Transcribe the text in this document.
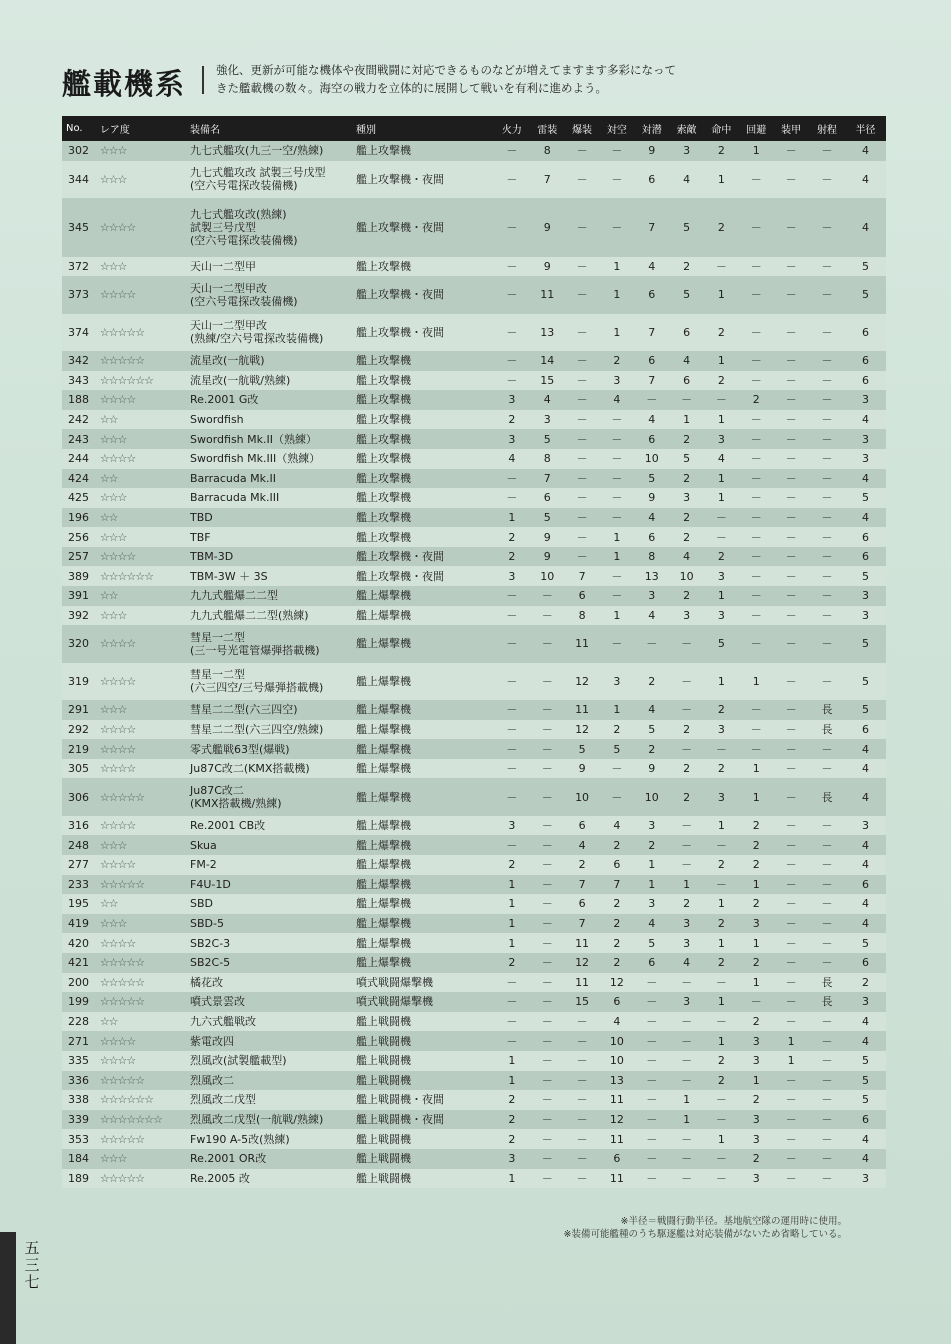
艦載機系	強化、更新が可能な機体や夜間戦闘に対応できるものなどが増えてますます多彩になって
きた艦載機の数々。海空の戦力を立体的に展開して戦いを有利に進めよう。
No.	レア度	装備名	種別	火力	雷装	爆装	対空	対潜	索敵	命中	回避	装甲	射程	半径
302	☆☆☆	九七式艦攻(九三一空/熟練)	艦上攻撃機	－	8	－	－	9	3	2	1	－	－	4
344	☆☆☆	九七式艦攻改 試製三号戊型
(空六号電探改装備機)	艦上攻撃機・夜間	－	7	－	－	6	4	1	－	－	－	4
345	☆☆☆☆	九七式艦攻改(熟練)
試製三号戊型
(空六号電探改装備機)	艦上攻撃機・夜間	－	9	－	－	7	5	2	－	－	－	4
372	☆☆☆	天山一二型甲	艦上攻撃機	－	9	－	1	4	2	－	－	－	－	5
373	☆☆☆☆	天山一二型甲改
(空六号電探改装備機)	艦上攻撃機・夜間	－	11	－	1	6	5	1	－	－	－	5
374	☆☆☆☆☆	天山一二型甲改
(熟練/空六号電探改装備機)	艦上攻撃機・夜間	－	13	－	1	7	6	2	－	－	－	6
342	☆☆☆☆☆	流星改(一航戦)	艦上攻撃機	－	14	－	2	6	4	1	－	－	－	6
343	☆☆☆☆☆☆	流星改(一航戦/熟練)	艦上攻撃機	－	15	－	3	7	6	2	－	－	－	6
188	☆☆☆☆	Re.2001 G改	艦上攻撃機	3	4	－	4	－	－	－	2	－	－	3
242	☆☆	Swordfish	艦上攻撃機	2	3	－	－	4	1	1	－	－	－	4
243	☆☆☆	Swordfish Mk.II（熟練）	艦上攻撃機	3	5	－	－	6	2	3	－	－	－	3
244	☆☆☆☆	Swordfish Mk.III（熟練）	艦上攻撃機	4	8	－	－	10	5	4	－	－	－	3
424	☆☆	Barracuda Mk.II	艦上攻撃機	－	7	－	－	5	2	1	－	－	－	4
425	☆☆☆	Barracuda Mk.III	艦上攻撃機	－	6	－	－	9	3	1	－	－	－	5
196	☆☆	TBD	艦上攻撃機	1	5	－	－	4	2	－	－	－	－	4
256	☆☆☆	TBF	艦上攻撃機	2	9	－	1	6	2	－	－	－	－	6
257	☆☆☆☆	TBM-3D	艦上攻撃機・夜間	2	9	－	1	8	4	2	－	－	－	6
389	☆☆☆☆☆☆	TBM-3W ＋ 3S	艦上攻撃機・夜間	3	10	7	－	13	10	3	－	－	－	5
391	☆☆	九九式艦爆二二型	艦上爆撃機	－	－	6	－	3	2	1	－	－	－	3
392	☆☆☆	九九式艦爆二二型(熟練)	艦上爆撃機	－	－	8	1	4	3	3	－	－	－	3
320	☆☆☆☆	彗星一二型
(三一号光電管爆弾搭載機)	艦上爆撃機	－	－	11	－	－	－	5	－	－	－	5
319	☆☆☆☆	彗星一二型
(六三四空/三号爆弾搭載機)	艦上爆撃機	－	－	12	3	2	－	1	1	－	－	5
291	☆☆☆	彗星二二型(六三四空)	艦上爆撃機	－	－	11	1	4	－	2	－	－	長	5
292	☆☆☆☆	彗星二二型(六三四空/熟練)	艦上爆撃機	－	－	12	2	5	2	3	－	－	長	6
219	☆☆☆☆	零式艦戦63型(爆戦)	艦上爆撃機	－	－	5	5	2	－	－	－	－	－	4
305	☆☆☆☆	Ju87C改二(KMX搭載機)	艦上爆撃機	－	－	9	－	9	2	2	1	－	－	4
306	☆☆☆☆☆	Ju87C改二
(KMX搭載機/熟練)	艦上爆撃機	－	－	10	－	10	2	3	1	－	長	4
316	☆☆☆☆	Re.2001 CB改	艦上爆撃機	3	－	6	4	3	－	1	2	－	－	3
248	☆☆☆	Skua	艦上爆撃機	－	－	4	2	2	－	－	2	－	－	4
277	☆☆☆☆	FM-2	艦上爆撃機	2	－	2	6	1	－	2	2	－	－	4
233	☆☆☆☆☆	F4U-1D	艦上爆撃機	1	－	7	7	1	1	－	1	－	－	6
195	☆☆	SBD	艦上爆撃機	1	－	6	2	3	2	1	2	－	－	4
419	☆☆☆	SBD-5	艦上爆撃機	1	－	7	2	4	3	2	3	－	－	4
420	☆☆☆☆	SB2C-3	艦上爆撃機	1	－	11	2	5	3	1	1	－	－	5
421	☆☆☆☆☆	SB2C-5	艦上爆撃機	2	－	12	2	6	4	2	2	－	－	6
200	☆☆☆☆☆	橘花改	噴式戦闘爆撃機	－	－	11	12	－	－	－	1	－	長	2
199	☆☆☆☆☆	噴式景雲改	噴式戦闘爆撃機	－	－	15	6	－	3	1	－	－	長	3
228	☆☆	九六式艦戦改	艦上戦闘機	－	－	－	4	－	－	－	2	－	－	4
271	☆☆☆☆	紫電改四	艦上戦闘機	－	－	－	10	－	－	1	3	1	－	4
335	☆☆☆☆	烈風改(試製艦載型)	艦上戦闘機	1	－	－	10	－	－	2	3	1	－	5
336	☆☆☆☆☆	烈風改二	艦上戦闘機	1	－	－	13	－	－	2	1	－	－	5
338	☆☆☆☆☆☆	烈風改二戊型	艦上戦闘機・夜間	2	－	－	11	－	1	－	2	－	－	5
339	☆☆☆☆☆☆☆	烈風改二戊型(一航戦/熟練)	艦上戦闘機・夜間	2	－	－	12	－	1	－	3	－	－	6
353	☆☆☆☆☆	Fw190 A-5改(熟練)	艦上戦闘機	2	－	－	11	－	－	1	3	－	－	4
184	☆☆☆	Re.2001 OR改	艦上戦闘機	3	－	－	6	－	－	－	2	－	－	4
189	☆☆☆☆☆	Re.2005 改	艦上戦闘機	1	－	－	11	－	－	－	3	－	－	3
※半径＝戦闘行動半径。基地航空隊の運用時に使用。
※装備可能艦種のうち駆逐艦は対応装備がないため省略している。
五
三
七
